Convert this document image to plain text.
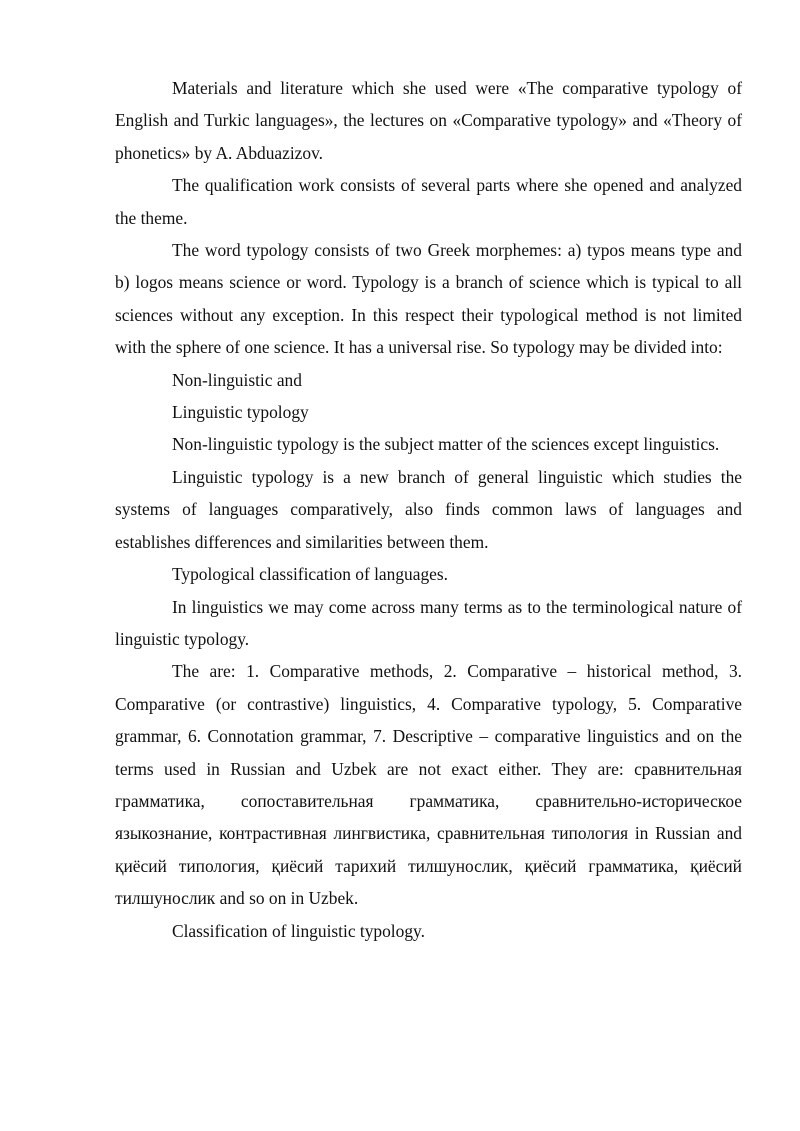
Materials and literature which she used were «The comparative typology of English and Turkic languages», the lectures on «Comparative typology» and «Theory of phonetics» by A. Abduazizov.

The qualification work consists of several parts where she opened and analyzed the theme.

The word typology consists of two Greek morphemes: a) typos means type and b) logos means science or word. Typology is a branch of science which is typical to all sciences without any exception. In this respect their typological method is not limited with the sphere of one science. It has a universal rise. So typology may be divided into:

Non-linguistic and

Linguistic typology

Non-linguistic typology is the subject matter of the sciences except linguistics.

Linguistic typology is a new branch of general linguistic which studies the systems of languages comparatively, also finds common laws of languages and establishes differences and similarities between them.

Typological classification of languages.

In linguistics we may come across many terms as to the terminological nature of linguistic typology.

The are: 1. Comparative methods, 2. Comparative – historical method, 3. Comparative (or contrastive) linguistics, 4. Comparative typology, 5. Comparative grammar, 6. Connotation grammar, 7. Descriptive – comparative linguistics and on the terms used in Russian and Uzbek are not exact either. They are: сравнительная грамматика, сопоставительная грамматика, сравнительно-историческое языкознание, контрастивная лингвистика, сравнительная типология in Russian and қиёсий типология, қиёсий тарихий тилшунослик, қиёсий грамматика, қиёсий тилшунослик and so on in Uzbek.

Classification of linguistic typology.
